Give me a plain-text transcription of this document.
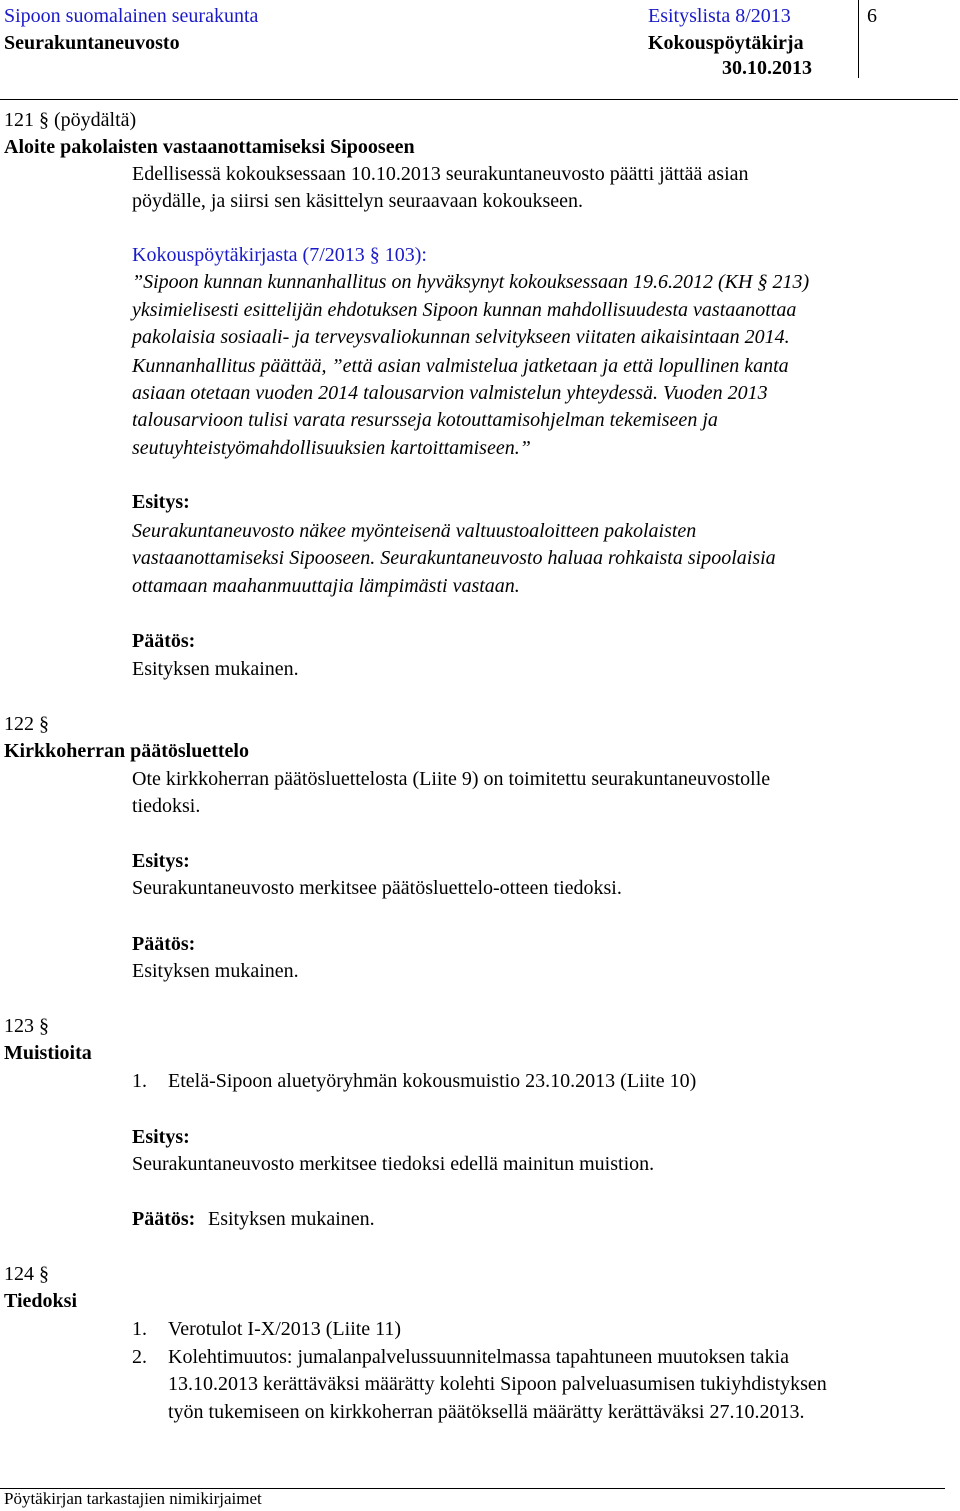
Sipoon suomalainen seurakunta	Esityslista 8/2013	6
Seurakuntaneuvosto	Kokouspöytäkirja
30.10.2013
121 § (pöydältä)
Aloite pakolaisten vastaanottamiseksi Sipooseen
Edellisessä kokouksessaan 10.10.2013 seurakuntaneuvosto päätti jättää asian
pöydälle, ja siirsi sen käsittelyn seuraavaan kokoukseen.
Kokouspöytäkirjasta (7/2013 § 103):
”Sipoon kunnan kunnanhallitus on hyväksynyt kokouksessaan 19.6.2012 (KH § 213)
yksimielisesti esittelijän ehdotuksen Sipoon kunnan mahdollisuudesta vastaanottaa
pakolaisia sosiaali- ja terveysvaliokunnan selvitykseen viitaten aikaisintaan 2014.
Kunnanhallitus päättää, ”että asian valmistelua jatketaan ja että lopullinen kanta
asiaan otetaan vuoden 2014 talousarvion valmistelun yhteydessä. Vuoden 2013
talousarvioon tulisi varata resursseja kotouttamisohjelman tekemiseen ja
seutuyhteistyömahdollisuuksien kartoittamiseen.”
Esitys:
Seurakuntaneuvosto näkee myönteisenä valtuustoaloitteen pakolaisten
vastaanottamiseksi Sipooseen. Seurakuntaneuvosto haluaa rohkaista sipoolaisia
ottamaan maahanmuuttajia lämpimästi vastaan.
Päätös:
Esityksen mukainen.
122 §
Kirkkoherran päätösluettelo
Ote kirkkoherran päätösluettelosta (Liite 9) on toimitettu seurakuntaneuvostolle
tiedoksi.
Esitys:
Seurakuntaneuvosto merkitsee päätösluettelo-otteen tiedoksi.
Päätös:
Esityksen mukainen.
123 §
Muistioita
1. Etelä-Sipoon aluetyöryhmän kokousmuistio 23.10.2013 (Liite 10)
Esitys:
Seurakuntaneuvosto merkitsee tiedoksi edellä mainitun muistion.
Päätös: Esityksen mukainen.
124 §
Tiedoksi
1. Verotulot I-X/2013 (Liite 11)
2. Kolehtimuutos: jumalanpalvelussuunnitelmassa tapahtuneen muutoksen takia
13.10.2013 kerättäväksi määrätty kolehti Sipoon palveluasumisen tukiyhdistyksen
työn tukemiseen on kirkkoherran päätöksellä määrätty kerättäväksi 27.10.2013.
Pöytäkirjan tarkastajien nimikirjaimet
